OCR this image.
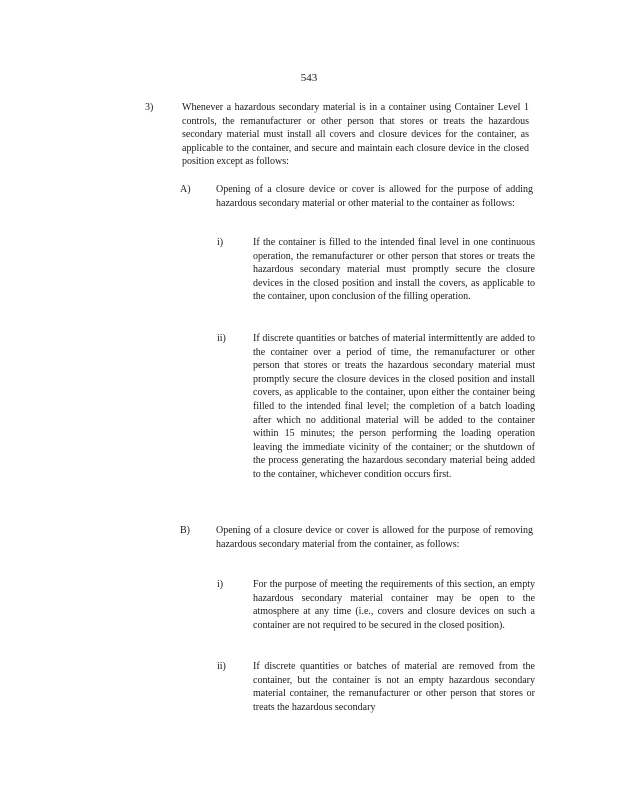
543
3)	Whenever a hazardous secondary material is in a container using Container Level 1 controls, the remanufacturer or other person that stores or treats the hazardous secondary material must install all covers and closure devices for the container, as applicable to the container, and secure and maintain each closure device in the closed position except as follows:
A)	Opening of a closure device or cover is allowed for the purpose of adding hazardous secondary material or other material to the container as follows:
i)	If the container is filled to the intended final level in one continuous operation, the remanufacturer or other person that stores or treats the hazardous secondary material must promptly secure the closure devices in the closed position and install the covers, as applicable to the container, upon conclusion of the filling operation.
ii)	If discrete quantities or batches of material intermittently are added to the container over a period of time, the remanufacturer or other person that stores or treats the hazardous secondary material must promptly secure the closure devices in the closed position and install covers, as applicable to the container, upon either the container being filled to the intended final level; the completion of a batch loading after which no additional material will be added to the container within 15 minutes; the person performing the loading operation leaving the immediate vicinity of the container; or the shutdown of the process generating the hazardous secondary material being added to the container, whichever condition occurs first.
B)	Opening of a closure device or cover is allowed for the purpose of removing hazardous secondary material from the container, as follows:
i)	For the purpose of meeting the requirements of this section, an empty hazardous secondary material container may be open to the atmosphere at any time (i.e., covers and closure devices on such a container are not required to be secured in the closed position).
ii)	If discrete quantities or batches of material are removed from the container, but the container is not an empty hazardous secondary material container, the remanufacturer or other person that stores or treats the hazardous secondary
